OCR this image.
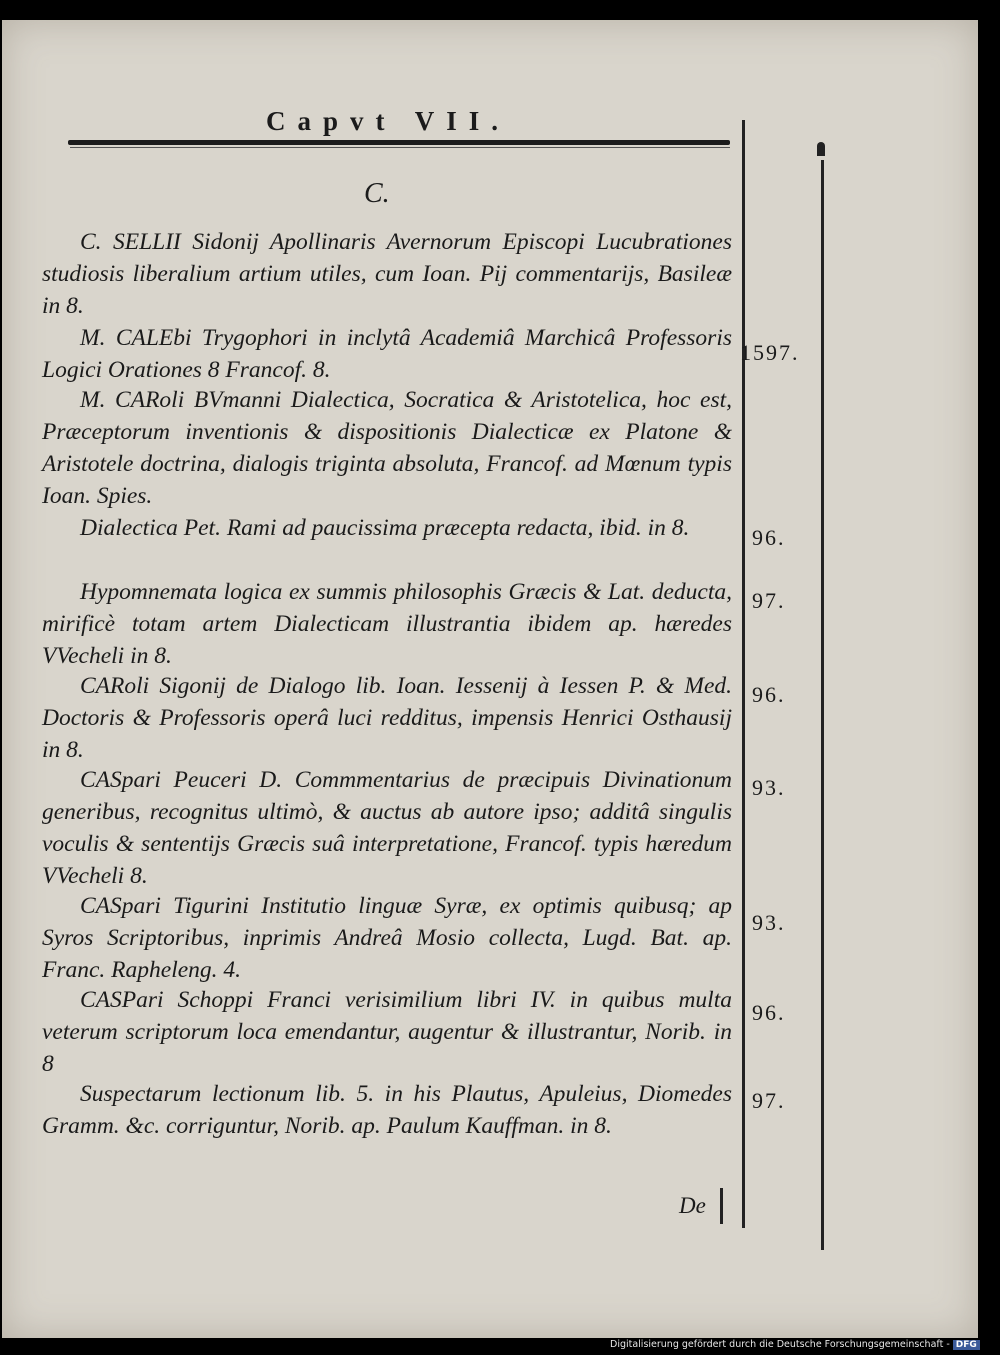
Capvt VII.
C.
C. SELLII Sidonij Apollinaris Avernorum Episcopi Lucubrationes studiosis liberalium artium utiles, cum Ioan. Pij commentarijs, Basileæ in 8.
M. CALEbi Trygophori in inclytâ Academiâ Marchicâ Professoris Logici Orationes 8 Francof. 8.
M. CARoli BVmanni Dialectica, Socratica & Aristotelica, hoc est, Præceptorum inventionis & dispositionis Dialecticæ ex Platone & Aristotele doctrina, dialogis triginta absoluta, Francof. ad Mœnum typis Ioan. Spies.
Dialectica Pet. Rami ad paucissima præcepta redacta, ibid. in 8.
Hypomnemata logica ex summis philosophis Græcis & Lat. deducta, mirificè totam artem Dialecticam illustrantia ibidem ap. hæredes VVecheli in 8.
CARoli Sigonij de Dialogo lib. Ioan. Iessenij à Iessen P. & Med. Doctoris & Professoris operâ luci redditus, impensis Henrici Osthausij in 8.
CASpari Peuceri D. Commmentarius de præcipuis Divinationum generibus, recognitus ultimò, & auctus ab autore ipso; additâ singulis voculis & sententijs Græcis suâ interpretatione, Francof. typis hæredum VVecheli 8.
CASpari Tigurini Institutio linguæ Syræ, ex optimis quibusq; ap Syros Scriptoribus, inprimis Andreâ Mosio collecta, Lugd. Bat. ap. Franc. Rapheleng. 4.
CASPari Schoppi Franci verisimilium libri IV. in quibus multa veterum scriptorum loca emendantur, augentur & illustrantur, Norib. in 8
Suspectarum lectionum lib. 5. in his Plautus, Apuleius, Diomedes Gramm. &c. corriguntur, Norib. ap. Paulum Kauffman. in 8.
1597.
96.
97.
96.
93.
93.
96.
97.
De
Digitalisierung gefördert durch die Deutsche Forschungsgemeinschaft - DFG
